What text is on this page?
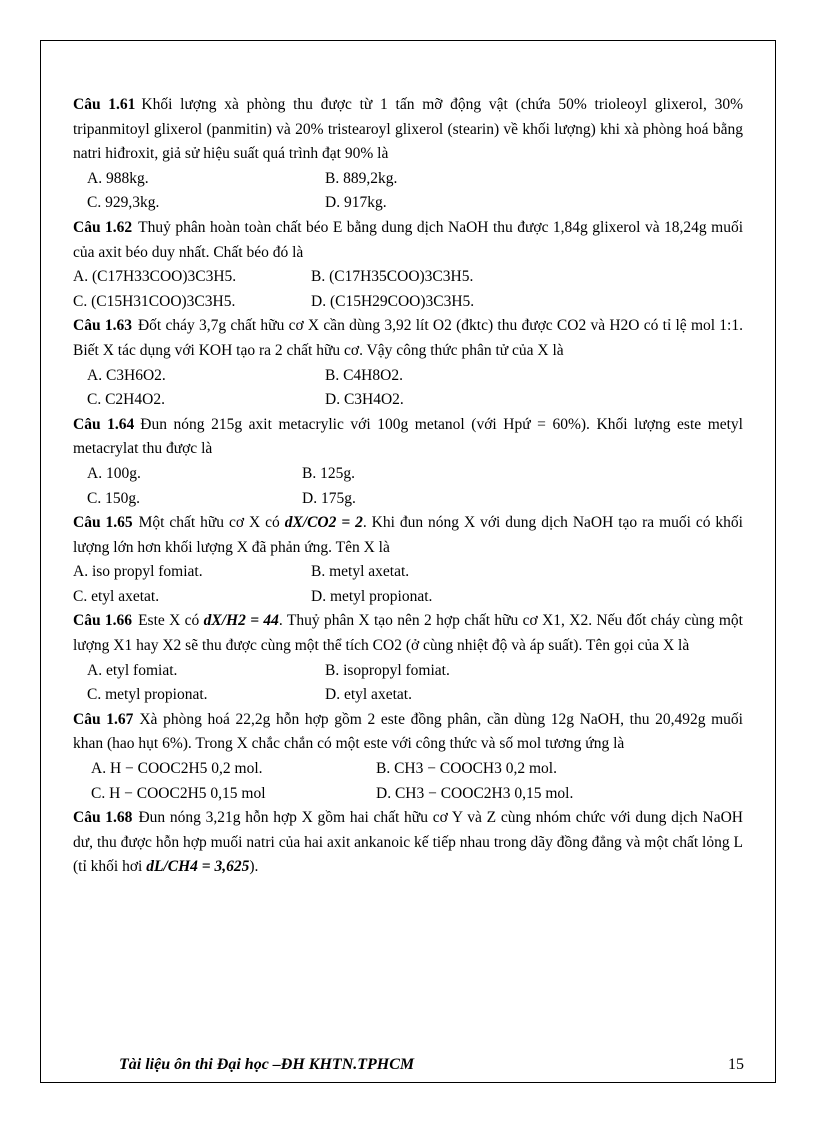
Câu 1.61 Khối lượng xà phòng thu được từ 1 tấn mỡ động vật (chứa 50% trioleoyl glixerol, 30% tripanmitoyl glixerol (panmitin) và 20% tristearoyl glixerol (stearin) về khối lượng) khi xà phòng hoá bằng natri hiđroxit, giả sử hiệu suất quá trình đạt 90% là
A. 988kg.	B. 889,2kg.
C. 929,3kg.	D. 917kg.
Câu 1.62 Thuỷ phân hoàn toàn chất béo E bằng dung dịch NaOH thu được 1,84g glixerol và 18,24g muối của axit béo duy nhất. Chất béo đó là
A. (C17H33COO)3C3H5.	B. (C17H35COO)3C3H5.
C. (C15H31COO)3C3H5.	D. (C15H29COO)3C3H5.
Câu 1.63 Đốt cháy 3,7g chất hữu cơ X cần dùng 3,92 lít O2 (đktc) thu được CO2 và H2O có tỉ lệ mol 1:1. Biết X tác dụng với KOH tạo ra 2 chất hữu cơ. Vậy công thức phân tử của X là
A. C3H6O2.	B. C4H8O2.
C. C2H4O2.	D. C3H4O2.
Câu 1.64 Đun nóng 215g axit metacrylic với 100g metanol (với Hpứ = 60%). Khối lượng este metyl metacrylat thu được là
A. 100g.	B. 125g.
C. 150g.	D. 175g.
Câu 1.65 Một chất hữu cơ X có dX/CO2 = 2. Khi đun nóng X với dung dịch NaOH tạo ra muối có khối lượng lớn hơn khối lượng X đã phản ứng. Tên X là
A. iso propyl fomiat.	B. metyl axetat.
C. etyl axetat.	D. metyl propionat.
Câu 1.66 Este X có dX/H2 = 44. Thuỷ phân X tạo nên 2 hợp chất hữu cơ X1, X2. Nếu đốt cháy cùng một lượng X1 hay X2 sẽ thu được cùng một thể tích CO2 (ở cùng nhiệt độ và áp suất). Tên gọi của X là
A. etyl fomiat.	B. isopropyl fomiat.
C. metyl propionat.	D. etyl axetat.
Câu 1.67 Xà phòng hoá 22,2g hỗn hợp gồm 2 este đồng phân, cần dùng 12g NaOH, thu 20,492g muối khan (hao hụt 6%). Trong X chắc chắn có một este với công thức và số mol tương ứng là
A. H − COOC2H5 0,2 mol.	B. CH3 − COOCH3 0,2 mol.
C. H − COOC2H5 0,15 mol	D. CH3 − COOC2H3 0,15 mol.
Câu 1.68 Đun nóng 3,21g hỗn hợp X gồm hai chất hữu cơ Y và Z cùng nhóm chức với dung dịch NaOH dư, thu được hỗn hợp muối natri của hai axit ankanoic kế tiếp nhau trong dãy đồng đẳng và một chất lỏng L (tỉ khối hơi dL/CH4 = 3,625).
Tài liệu ôn thi Đại học –ĐH KHTN.TPHCM	15
